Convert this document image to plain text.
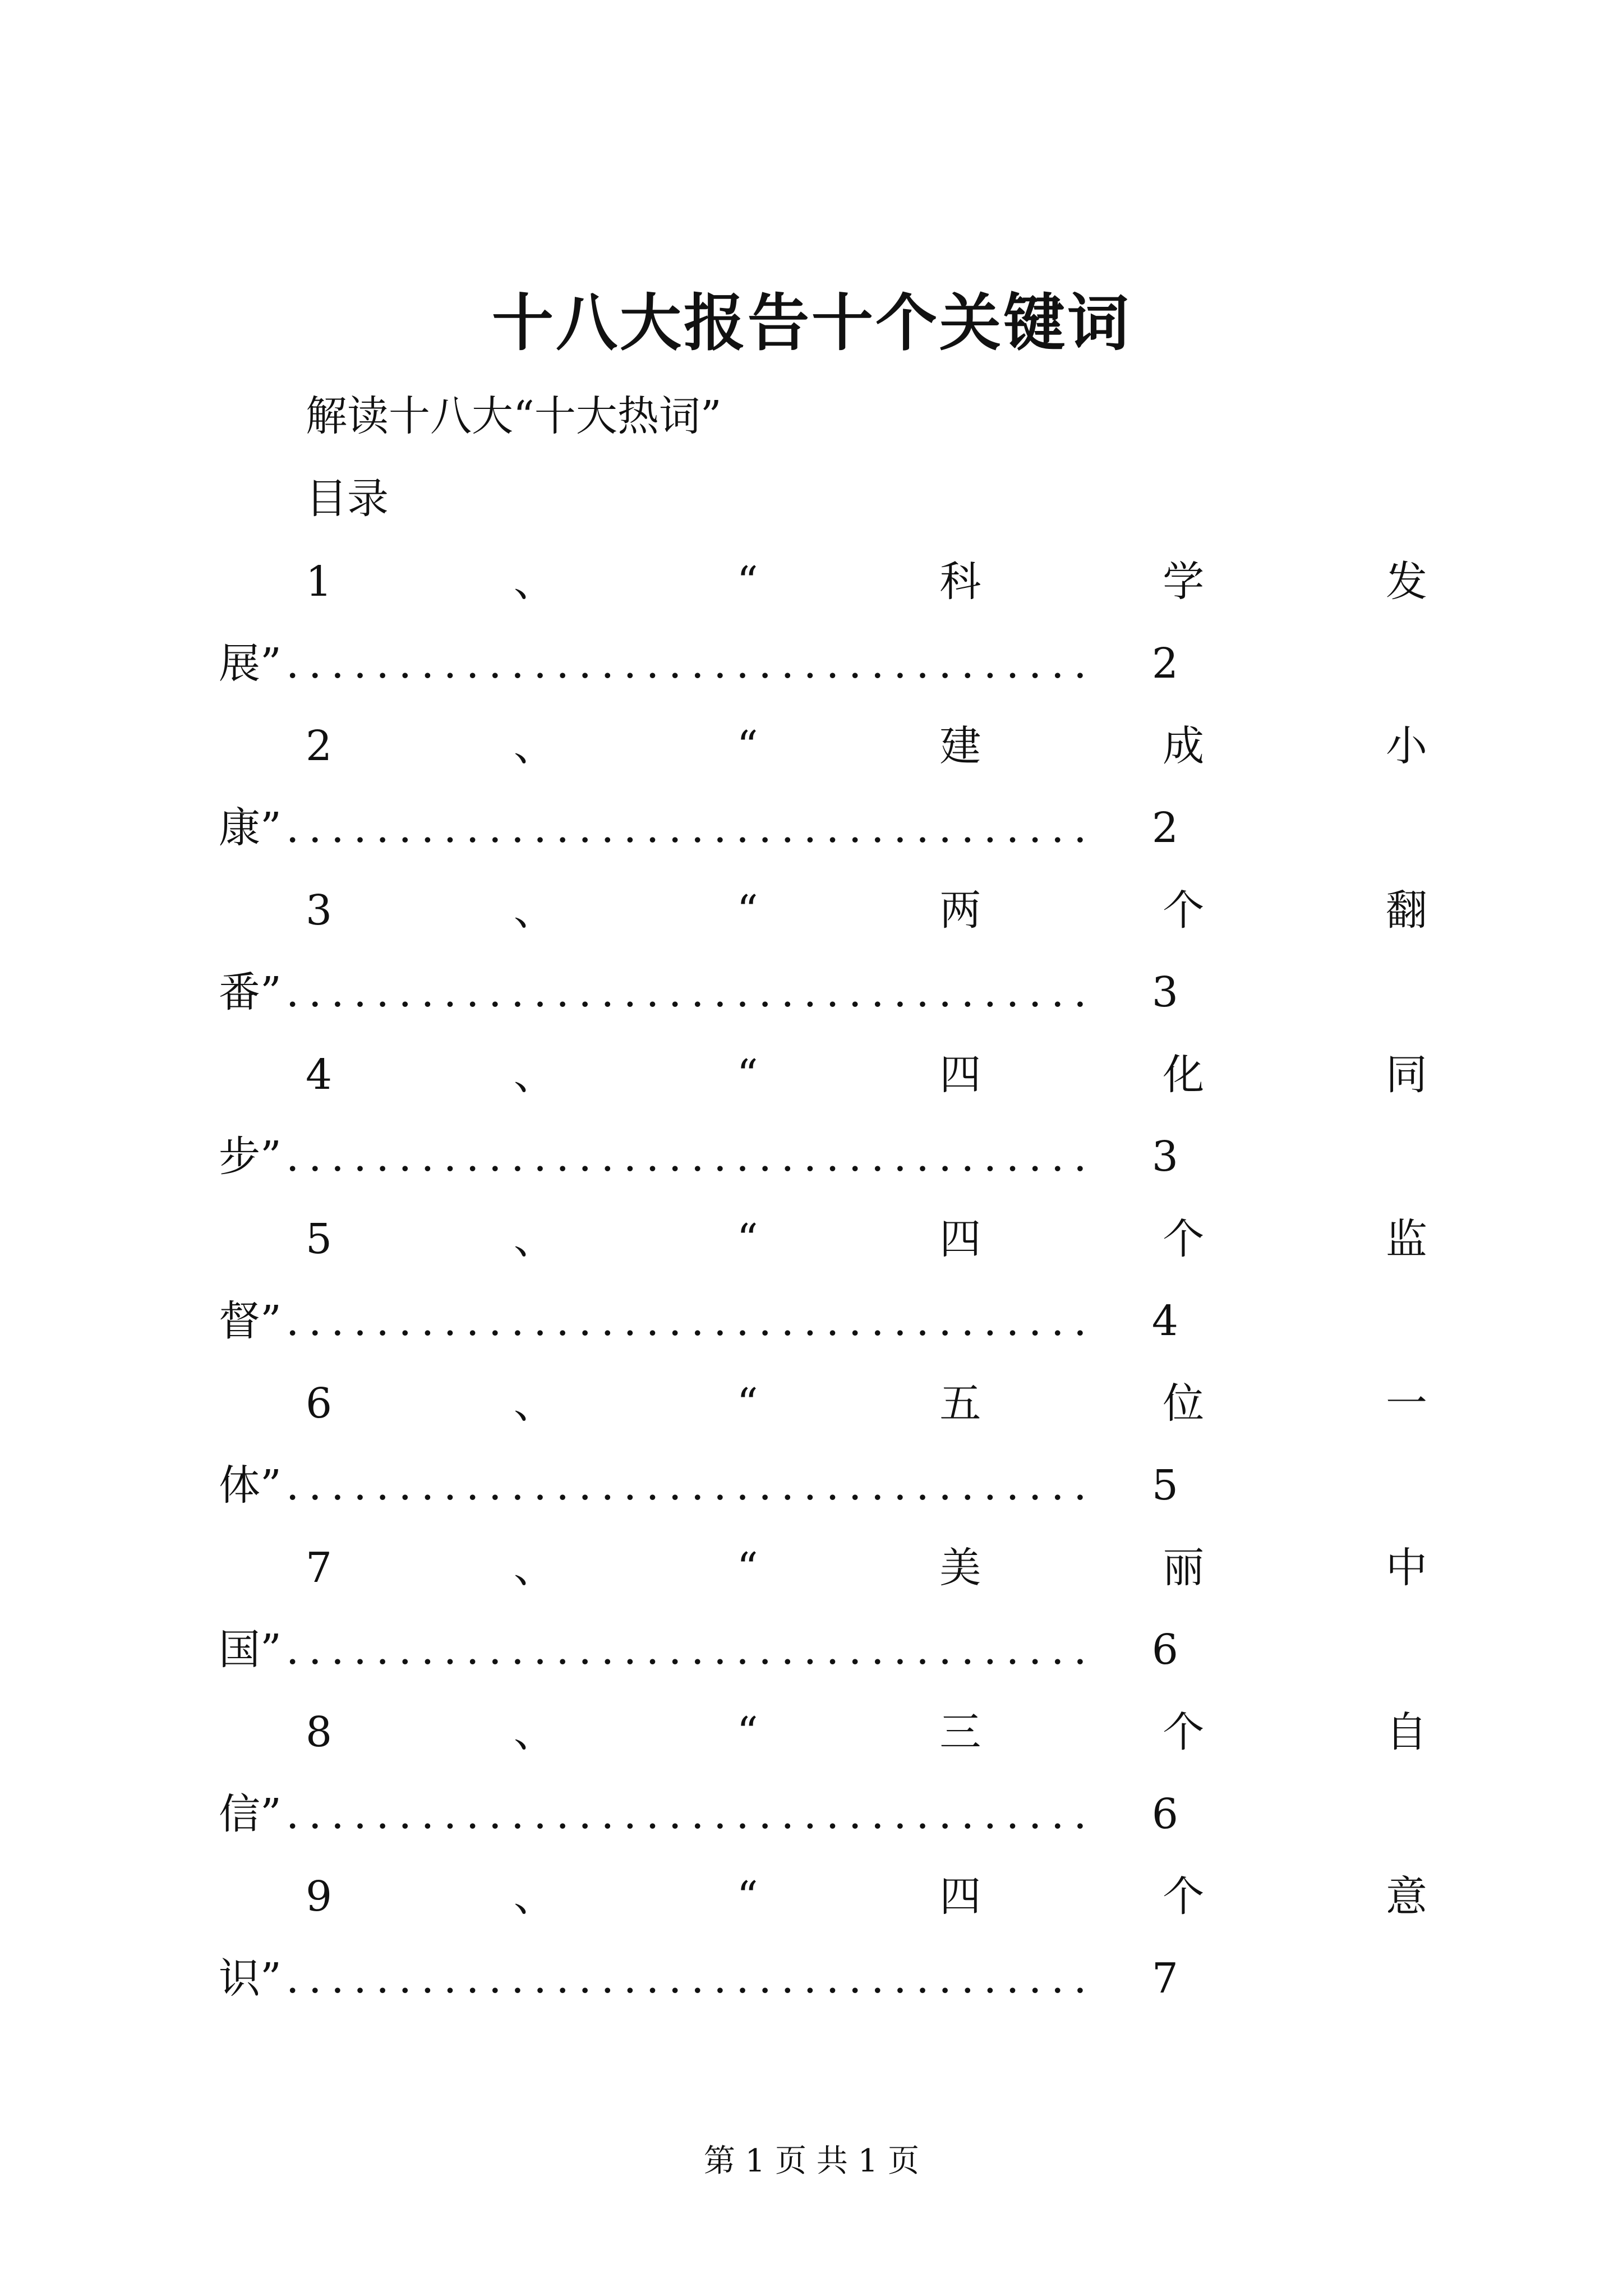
十八大报告十个关键词
解读十八大“十大热词”
目录
1	、	“	科	学	发
展” ....................................	2
2	、	“	建	成	小
康” ....................................	2
3	、	“	两	个	翻
番” ....................................	3
4	、	“	四	化	同
步” ....................................	3
5	、	“	四	个	监
督” ....................................	4
6	、	“	五	位	一
体” ....................................	5
7	、	“	美	丽	中
国” ....................................	6
8	、	“	三	个	自
信” ....................................	6
9	、	“	四	个	意
识” ....................................	7
第 1 页 共 1 页
